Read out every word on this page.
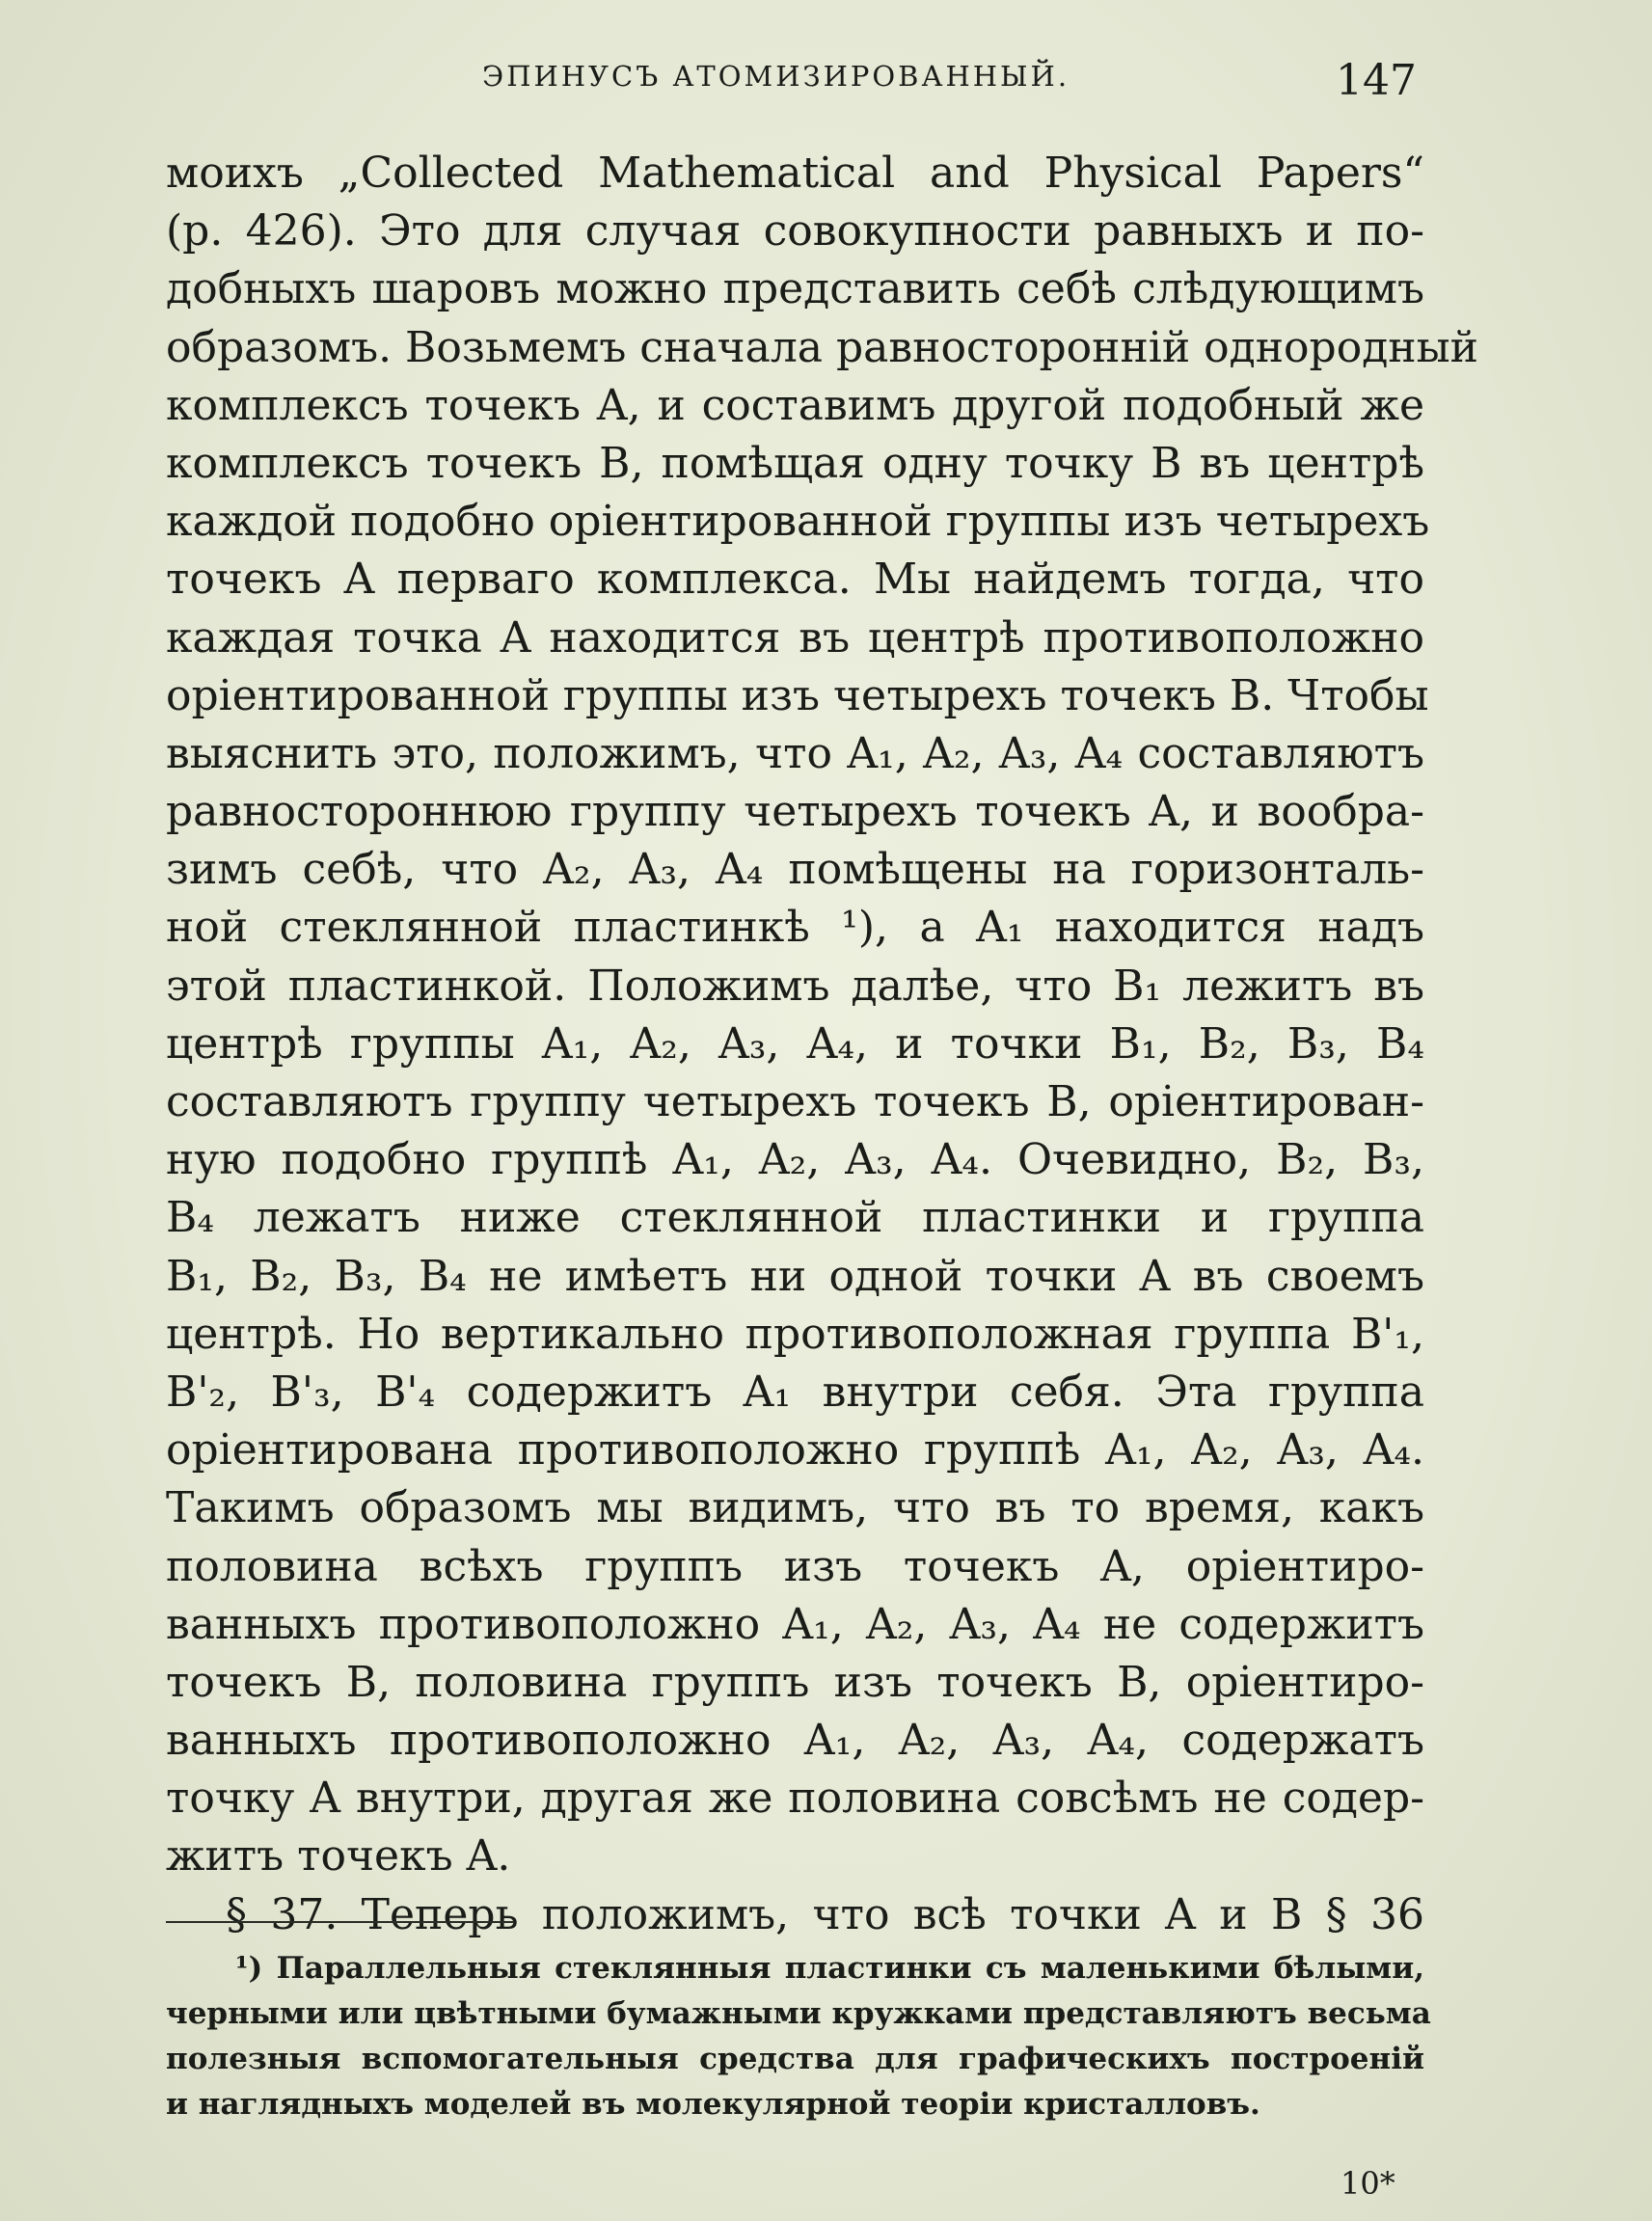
ЭПИНУСЪ АТОМИЗИРОВАННЫЙ.	147
моихъ „Collected Mathematical and Physical Papers“
(р. 426). Это для случая совокупности равныхъ и по-
добныхъ шаровъ можно представить себѣ слѣдующимъ
образомъ. Возьмемъ сначала равносторонній однородный
комплексъ точекъ A, и составимъ другой подобный же
комплексъ точекъ B, помѣщая одну точку B въ центрѣ
каждой подобно оріентированной группы изъ четырехъ
точекъ A перваго комплекса. Мы найдемъ тогда, что
каждая точка A находится въ центрѣ противоположно
оріентированной группы изъ четырехъ точекъ B. Чтобы
выяснить это, положимъ, что A₁, A₂, A₃, A₄ составляютъ
равностороннюю группу четырехъ точекъ A, и вообра-
зимъ себѣ, что A₂, A₃, A₄ помѣщены на горизонталь-
ной стеклянной пластинкѣ ¹), а A₁ находится надъ
этой пластинкой. Положимъ далѣе, что B₁ лежитъ въ
центрѣ группы A₁, A₂, A₃, A₄, и точки B₁, B₂, B₃, B₄
составляютъ группу четырехъ точекъ B, оріентирован-
ную подобно группѣ A₁, A₂, A₃, A₄. Очевидно, B₂, B₃,
B₄ лежатъ ниже стеклянной пластинки и группа
B₁, B₂, B₃, B₄ не имѣетъ ни одной точки A въ своемъ
центрѣ. Но вертикально противоположная группа B'₁,
B'₂, B'₃, B'₄ содержитъ A₁ внутри себя. Эта группа
оріентирована противоположно группѣ A₁, A₂, A₃, A₄.
Такимъ образомъ мы видимъ, что въ то время, какъ
половина всѣхъ группъ изъ точекъ A, оріентиро-
ванныхъ противоположно A₁, A₂, A₃, A₄ не содержитъ
точекъ B, половина группъ изъ точекъ B, оріентиро-
ванныхъ противоположно A₁, A₂, A₃, A₄, содержатъ
точку A внутри, другая же половина совсѣмъ не содер-
житъ точекъ A.
§ 37. Теперь положимъ, что всѣ точки A и B § 36
¹) Параллельныя стеклянныя пластинки съ маленькими бѣлыми,
черными или цвѣтными бумажными кружками представляютъ весьма
полезныя вспомогательныя средства для графическихъ построеній
и наглядныхъ моделей въ молекулярной теоріи кристалловъ.
10*
